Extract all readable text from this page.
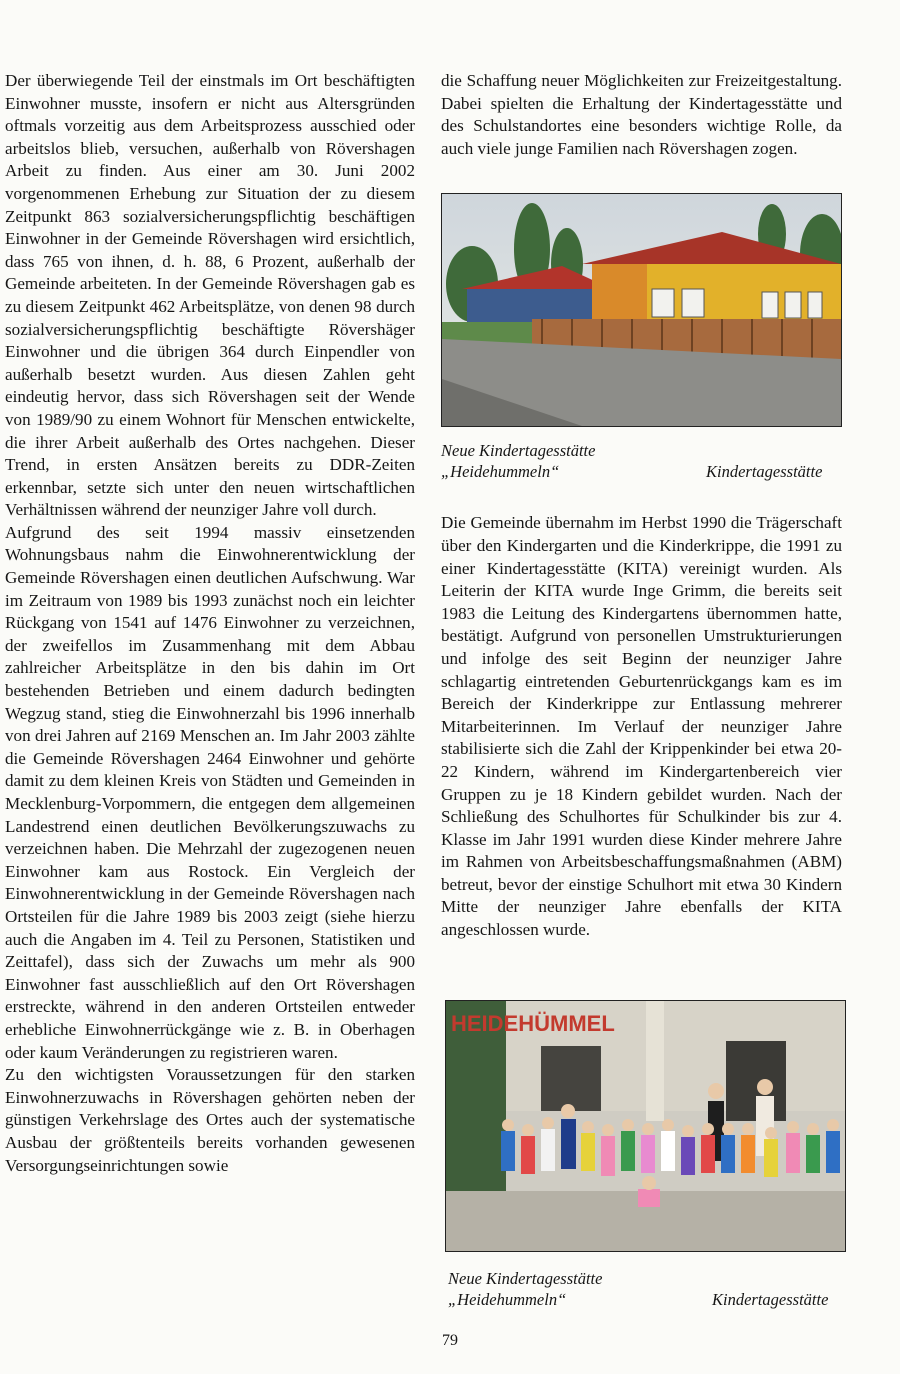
Der überwiegende Teil der einstmals im Ort beschäftigten Einwohner musste, insofern er nicht aus Altersgründen oftmals vorzeitig aus dem Arbeitsprozess ausschied oder arbeitslos blieb, versuchen, außerhalb von Rövershagen Arbeit zu finden. Aus einer am 30. Juni 2002 vorgenommenen Erhebung zur Situation der zu diesem Zeitpunkt 863 sozialversicherungspflichtig beschäftigen Einwohner in der Gemeinde Rövershagen wird ersichtlich, dass 765 von ihnen, d. h. 88, 6 Prozent, außerhalb der Gemeinde arbeiteten. In der Gemeinde Rövershagen gab es zu diesem Zeitpunkt 462 Arbeitsplätze, von denen 98 durch sozialversicherungspflichtig beschäftigte Rövershäger Einwohner und die übrigen 364 durch Einpendler von außerhalb besetzt wurden. Aus diesen Zahlen geht eindeutig hervor, dass sich Rövershagen seit der Wende von 1989/90 zu einem Wohnort für Menschen entwickelte, die ihrer Arbeit außerhalb des Ortes nachgehen. Dieser Trend, in ersten Ansätzen bereits zu DDR-Zeiten erkennbar, setzte sich unter den neuen wirtschaftlichen Verhältnissen während der neunziger Jahre voll durch.

Aufgrund des seit 1994 massiv einsetzenden Wohnungsbaus nahm die Einwohnerentwicklung der Gemeinde Rövershagen einen deutlichen Aufschwung. War im Zeitraum von 1989 bis 1993 zunächst noch ein leichter Rückgang von 1541 auf 1476 Einwohner zu verzeichnen, der zweifellos im Zusammenhang mit dem Abbau zahlreicher Arbeitsplätze in den bis dahin im Ort bestehenden Betrieben und einem dadurch bedingten Wegzug stand, stieg die Einwohnerzahl bis 1996 innerhalb von drei Jahren auf 2169 Menschen an. Im Jahr 2003 zählte die Gemeinde Rövershagen 2464 Einwohner und gehörte damit zu dem kleinen Kreis von Städten und Gemeinden in Mecklenburg-Vorpommern, die entgegen dem allgemeinen Landestrend einen deutlichen Bevölkerungszuwachs zu verzeichnen haben. Die Mehrzahl der zugezogenen neuen Einwohner kam aus Rostock. Ein Vergleich der Einwohnerentwicklung in der Gemeinde Rövershagen nach Ortsteilen für die Jahre 1989 bis 2003 zeigt (siehe hierzu auch die Angaben im 4. Teil zu Personen, Statistiken und Zeittafel), dass sich der Zuwachs um mehr als 900 Einwohner fast ausschließlich auf den Ort Rövershagen erstreckte, während in den anderen Ortsteilen entweder erhebliche Einwohnerrückgänge wie z. B. in Oberhagen oder kaum Veränderungen zu registrieren waren.

Zu den wichtigsten Voraussetzungen für den starken Einwohnerzuwachs in Rövershagen gehörten neben der günstigen Verkehrslage des Ortes auch der systematische Ausbau der größtenteils bereits vorhanden gewesenen Versorgungseinrichtungen sowie

die Schaffung neuer Möglichkeiten zur Freizeitgestaltung. Dabei spielten die Erhaltung der Kindertagesstätte und des Schulstandortes eine besonders wichtige Rolle, da auch viele junge Familien nach Rövershagen zogen.

Die Gemeinde übernahm im Herbst 1990 die Trägerschaft über den Kindergarten und die Kinderkrippe, die 1991 zu einer Kindertagesstätte (KITA) vereinigt wurden. Als Leiterin der KITA wurde Inge Grimm, die bereits seit 1983 die Leitung des Kindergartens übernommen hatte, bestätigt. Aufgrund von personellen Umstrukturierungen und infolge des seit Beginn der neunziger Jahre schlagartig eintretenden Geburtenrückgangs kam es im Bereich der Kinderkrippe zur Entlassung mehrerer Mitarbeiterinnen. Im Verlauf der neunziger Jahre stabilisierte sich die Zahl der Krippenkinder bei etwa 20-22 Kindern, während im Kindergartenbereich vier Gruppen zu je 18 Kindern gebildet wurden. Nach der Schließung des Schulhortes für Schulkinder bis zur 4. Klasse im Jahr 1991 wurden diese Kinder mehrere Jahre im Rahmen von Arbeitsbeschaffungsmaßnahmen (ABM) betreut, bevor der einstige Schulhort mit etwa 30 Kindern Mitte der neunziger Jahre ebenfalls der KITA angeschlossen wurde.

Neue Kindertagesstätte
„Heidehummeln“	Kindertagesstätte
HEIDEHÜMMEL
Neue Kindertagesstätte
„Heidehummeln“	Kindertagesstätte
79
